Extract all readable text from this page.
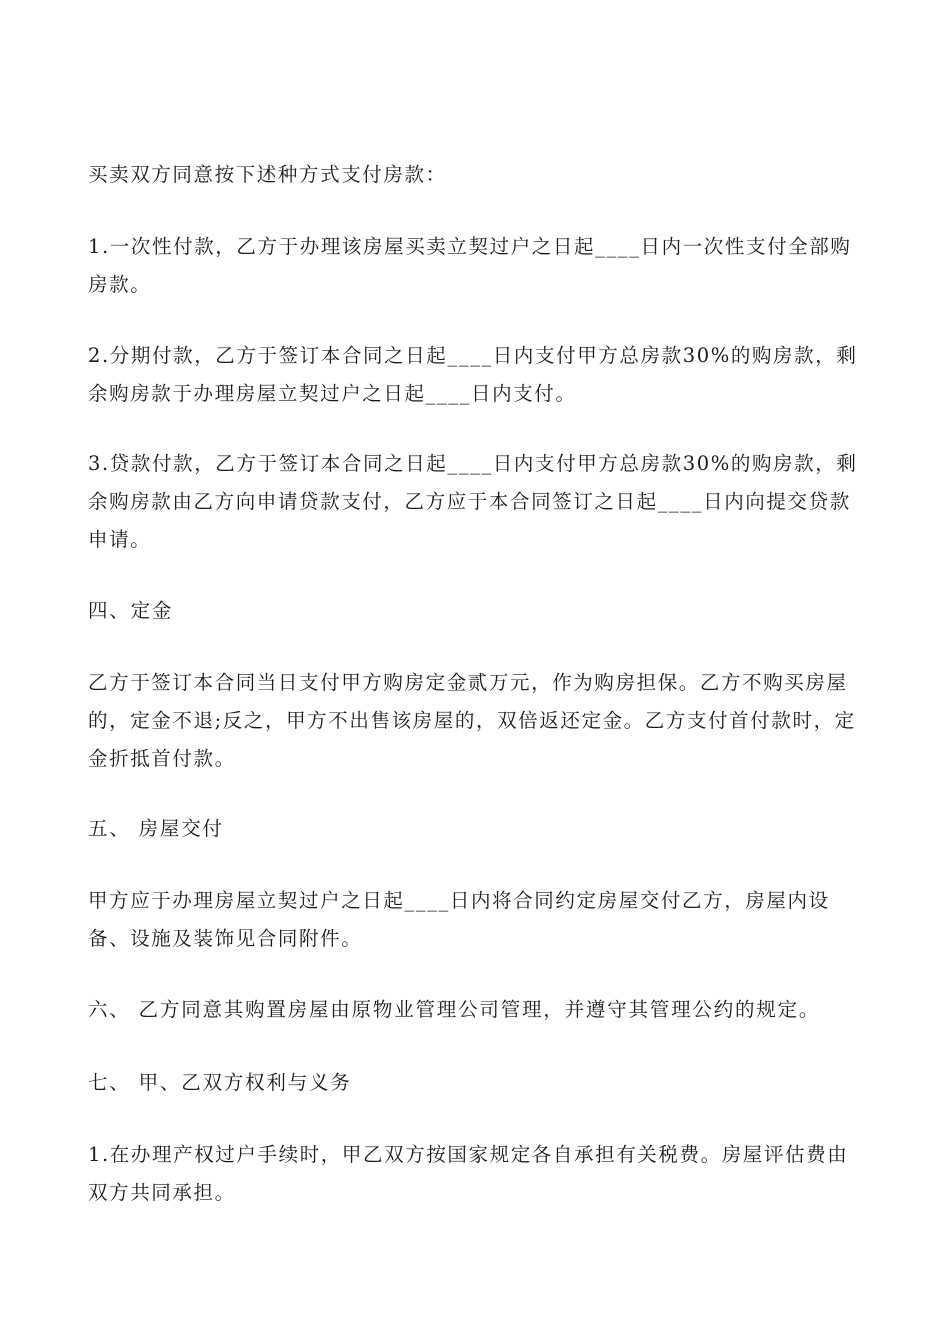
买卖双方同意按下述种方式支付房款：

1.一次性付款，乙方于办理该房屋买卖立契过户之日起____日内一次性支付全部购房款。

2.分期付款，乙方于签订本合同之日起____日内支付甲方总房款30%的购房款，剩余购房款于办理房屋立契过户之日起____日内支付。

3.贷款付款，乙方于签订本合同之日起____日内支付甲方总房款30%的购房款，剩余购房款由乙方向申请贷款支付，乙方应于本合同签订之日起____日内向提交贷款申请。

四、定金

乙方于签订本合同当日支付甲方购房定金贰万元，作为购房担保。乙方不购买房屋的，定金不退;反之，甲方不出售该房屋的，双倍返还定金。乙方支付首付款时，定金折抵首付款。

五、 房屋交付

甲方应于办理房屋立契过户之日起____日内将合同约定房屋交付乙方，房屋内设备、设施及装饰见合同附件。

六、 乙方同意其购置房屋由原物业管理公司管理，并遵守其管理公约的规定。

七、 甲、乙双方权利与义务

1.在办理产权过户手续时，甲乙双方按国家规定各自承担有关税费。房屋评估费由双方共同承担。
